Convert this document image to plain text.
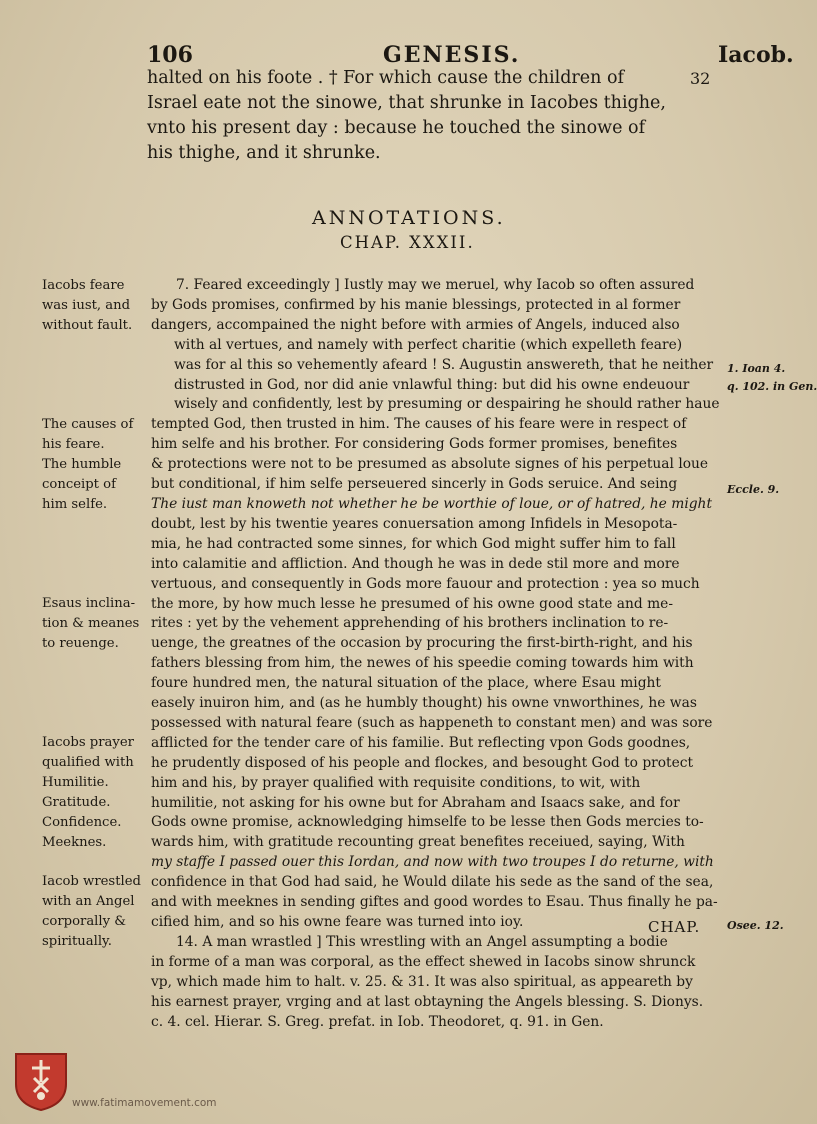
106	GENESIS.	Iacob.
halted on his foote . † For which cause the children of
Israel eate not the sinowe, that shrunke in Iacobes thighe,
vnto his present day : because he touched the sinowe of
his thighe, and it shrunke.
32
ANNOTATIONS.
CHAP. XXXII.
Iacobs feare
was iust, and
without fault.
The causes of
his feare.
The humble
conceipt of
him selfe.
Esaus inclina-
tion & meanes
to reuenge.
Iacobs prayer
qualified with
Humilitie.
Gratitude.
Confidence.
Meeknes.
Iacob wrestled
with an Angel
corporally &
spiritually.
7. Feared exceedingly ] Iustly may we meruel, why Iacob so often assured
by Gods promises, confirmed by his manie blessings, protected in al former
dangers, accompained the night before with armies of Angels, induced also
with al vertues, and namely with perfect charitie (which expelleth feare)
was for al this so vehemently afeard ! S. Augustin answereth, that he neither
distrusted in God, nor did anie vnlawful thing: but did his owne endeuour
wisely and confidently, lest by presuming or despairing he should rather haue
tempted God, then trusted in him. The causes of his feare were in respect of
him selfe and his brother. For considering Gods former promises, benefites
& protections were not to be presumed as absolute signes of his perpetual loue
but conditional, if him selfe perseuered sincerly in Gods seruice. And seing
The iust man knoweth not whether he be worthie of loue, or of hatred, he might
doubt, lest by his twentie yeares conuersation among Infidels in Mesopota-
mia, he had contracted some sinnes, for which God might suffer him to fall
into calamitie and affliction. And though he was in dede stil more and more
vertuous, and consequently in Gods more fauour and protection : yea so much
the more, by how much lesse he presumed of his owne good state and me-
rites : yet by the vehement apprehending of his brothers inclination to re-
uenge, the greatnes of the occasion by procuring the first-birth-right, and his
fathers blessing from him, the newes of his speedie coming towards him with
foure hundred men, the natural situation of the place, where Esau might
easely inuiron him, and (as he humbly thought) his owne vnworthines, he was
possessed with natural feare (such as happeneth to constant men) and was sore
afflicted for the tender care of his familie. But reflecting vpon Gods goodnes,
he prudently disposed of his people and flockes, and besought God to protect
him and his, by prayer qualified with requisite conditions, to wit, with
humilitie, not asking for his owne but for Abraham and Isaacs sake, and for
Gods owne promise, acknowledging himselfe to be lesse then Gods mercies to-
wards him, with gratitude recounting great benefites receiued, saying, With
my staffe I passed ouer this Iordan, and now with two troupes I do returne, with
confidence in that God had said, he Would dilate his sede as the sand of the sea,
and with meeknes in sending giftes and good wordes to Esau. Thus finally he pa-
cified him, and so his owne feare was turned into ioy.
14. A man wrastled ] This wrestling with an Angel assumpting a bodie
in forme of a man was corporal, as the effect shewed in Iacobs sinow shrunck
vp, which made him to halt. v. 25. & 31. It was also spiritual, as appeareth by
his earnest prayer, vrging and at last obtayning the Angels blessing. S. Dionys.
c. 4. cel. Hierar. S. Greg. prefat. in Iob. Theodoret, q. 91. in Gen.
1. Ioan 4.
q. 102. in Gen.
Eccle. 9.
Osee. 12.
CHAP.
www.fatimamovement.com
